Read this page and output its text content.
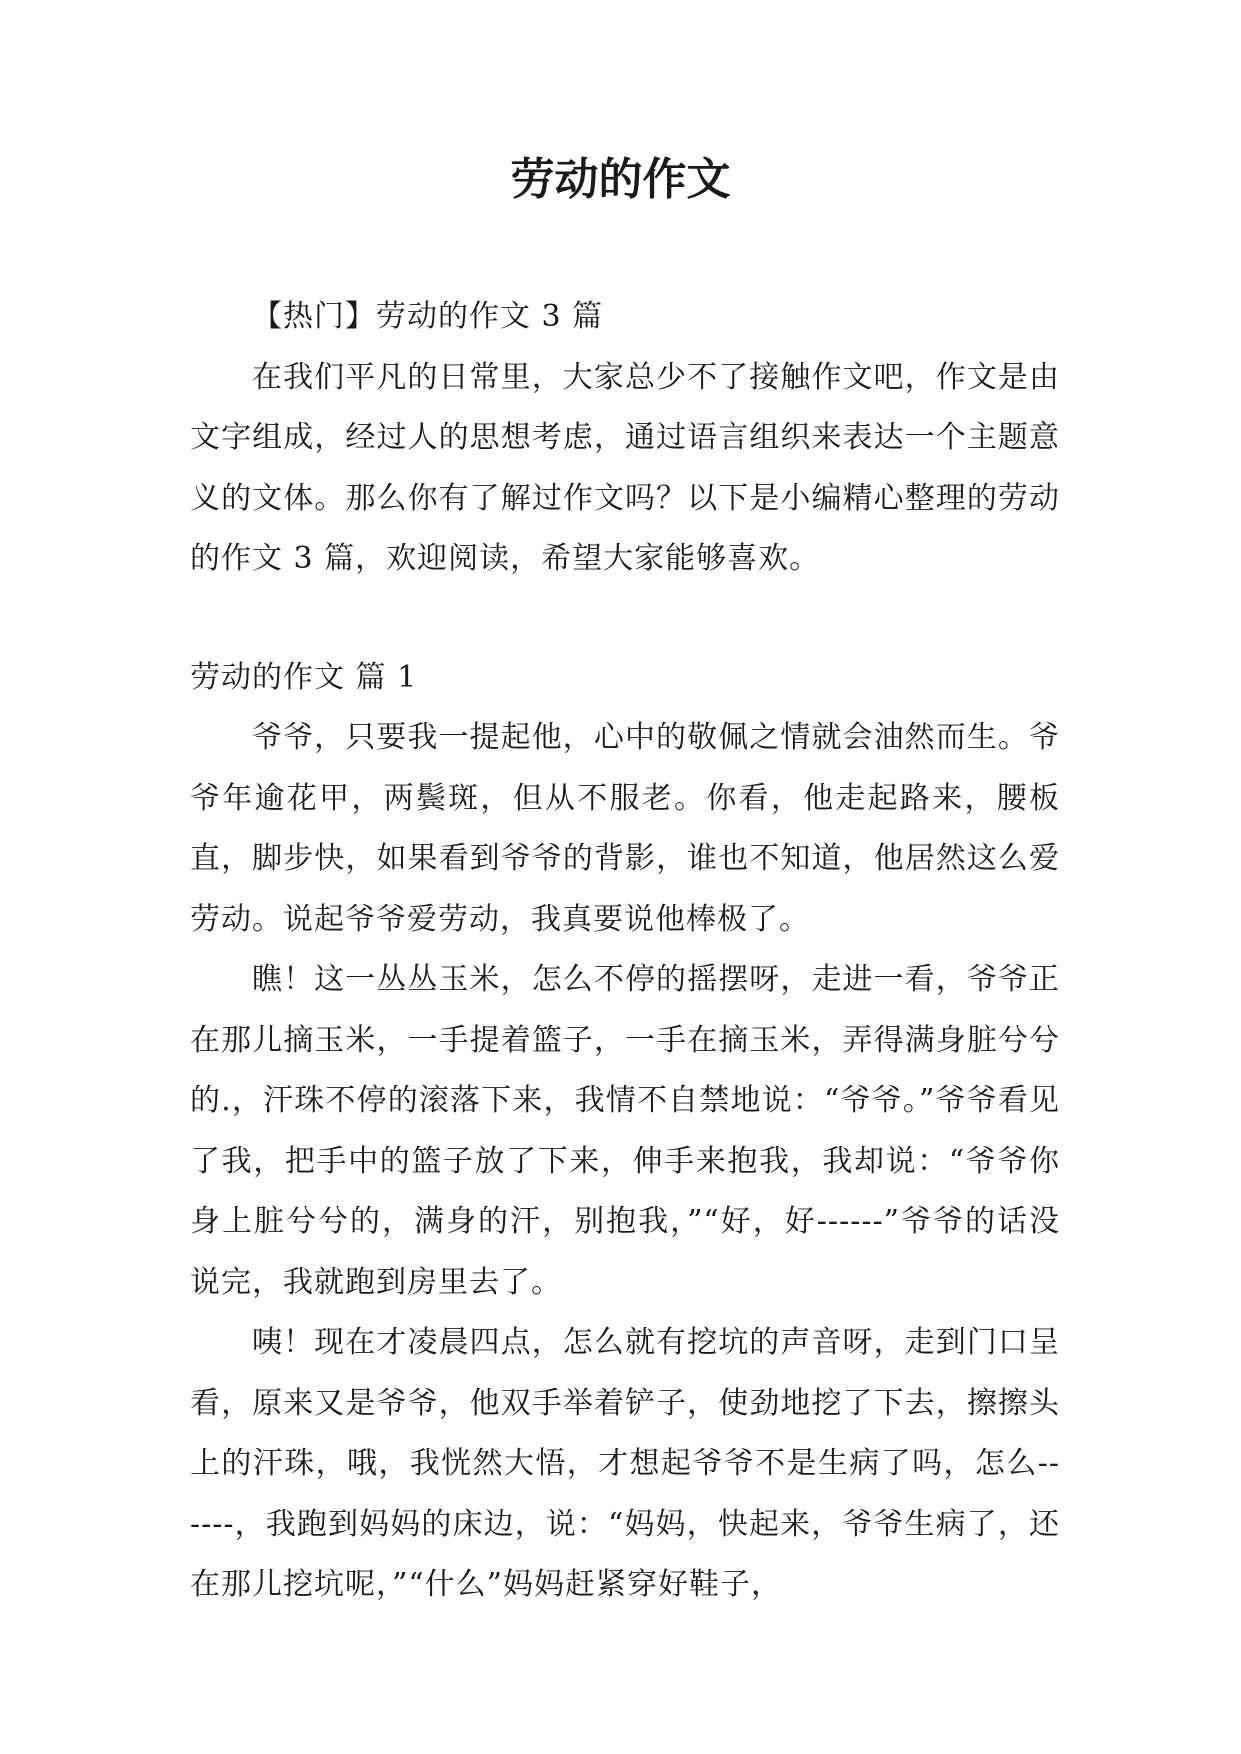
劳动的作文

【热门】劳动的作文 3 篇

在我们平凡的日常里，大家总少不了接触作文吧，作文是由文字组成，经过人的思想考虑，通过语言组织来表达一个主题意义的文体。那么你有了解过作文吗？以下是小编精心整理的劳动的作文 3 篇，欢迎阅读，希望大家能够喜欢。

劳动的作文 篇 1

爷爷，只要我一提起他，心中的敬佩之情就会油然而生。爷爷年逾花甲，两鬓斑，但从不服老。你看，他走起路来，腰板直，脚步快，如果看到爷爷的背影，谁也不知道，他居然这么爱劳动。说起爷爷爱劳动，我真要说他棒极了。

瞧！这一丛丛玉米，怎么不停的摇摆呀，走进一看，爷爷正在那儿摘玉米，一手提着篮子，一手在摘玉米，弄得满身脏兮兮的.，汗珠不停的滚落下来，我情不自禁地说：“爷爷。”爷爷看见了我，把手中的篮子放了下来，伸手来抱我，我却说：“爷爷你身上脏兮兮的，满身的汗，别抱我，”“好，好------”爷爷的话没说完，我就跑到房里去了。

咦！现在才凌晨四点，怎么就有挖坑的声音呀，走到门口呈看，原来又是爷爷，他双手举着铲子，使劲地挖了下去，擦擦头上的汗珠，哦，我恍然大悟，才想起爷爷不是生病了吗，怎么------，我跑到妈妈的床边，说：“妈妈，快起来，爷爷生病了，还在那儿挖坑呢，”“什么”妈妈赶紧穿好鞋子，
